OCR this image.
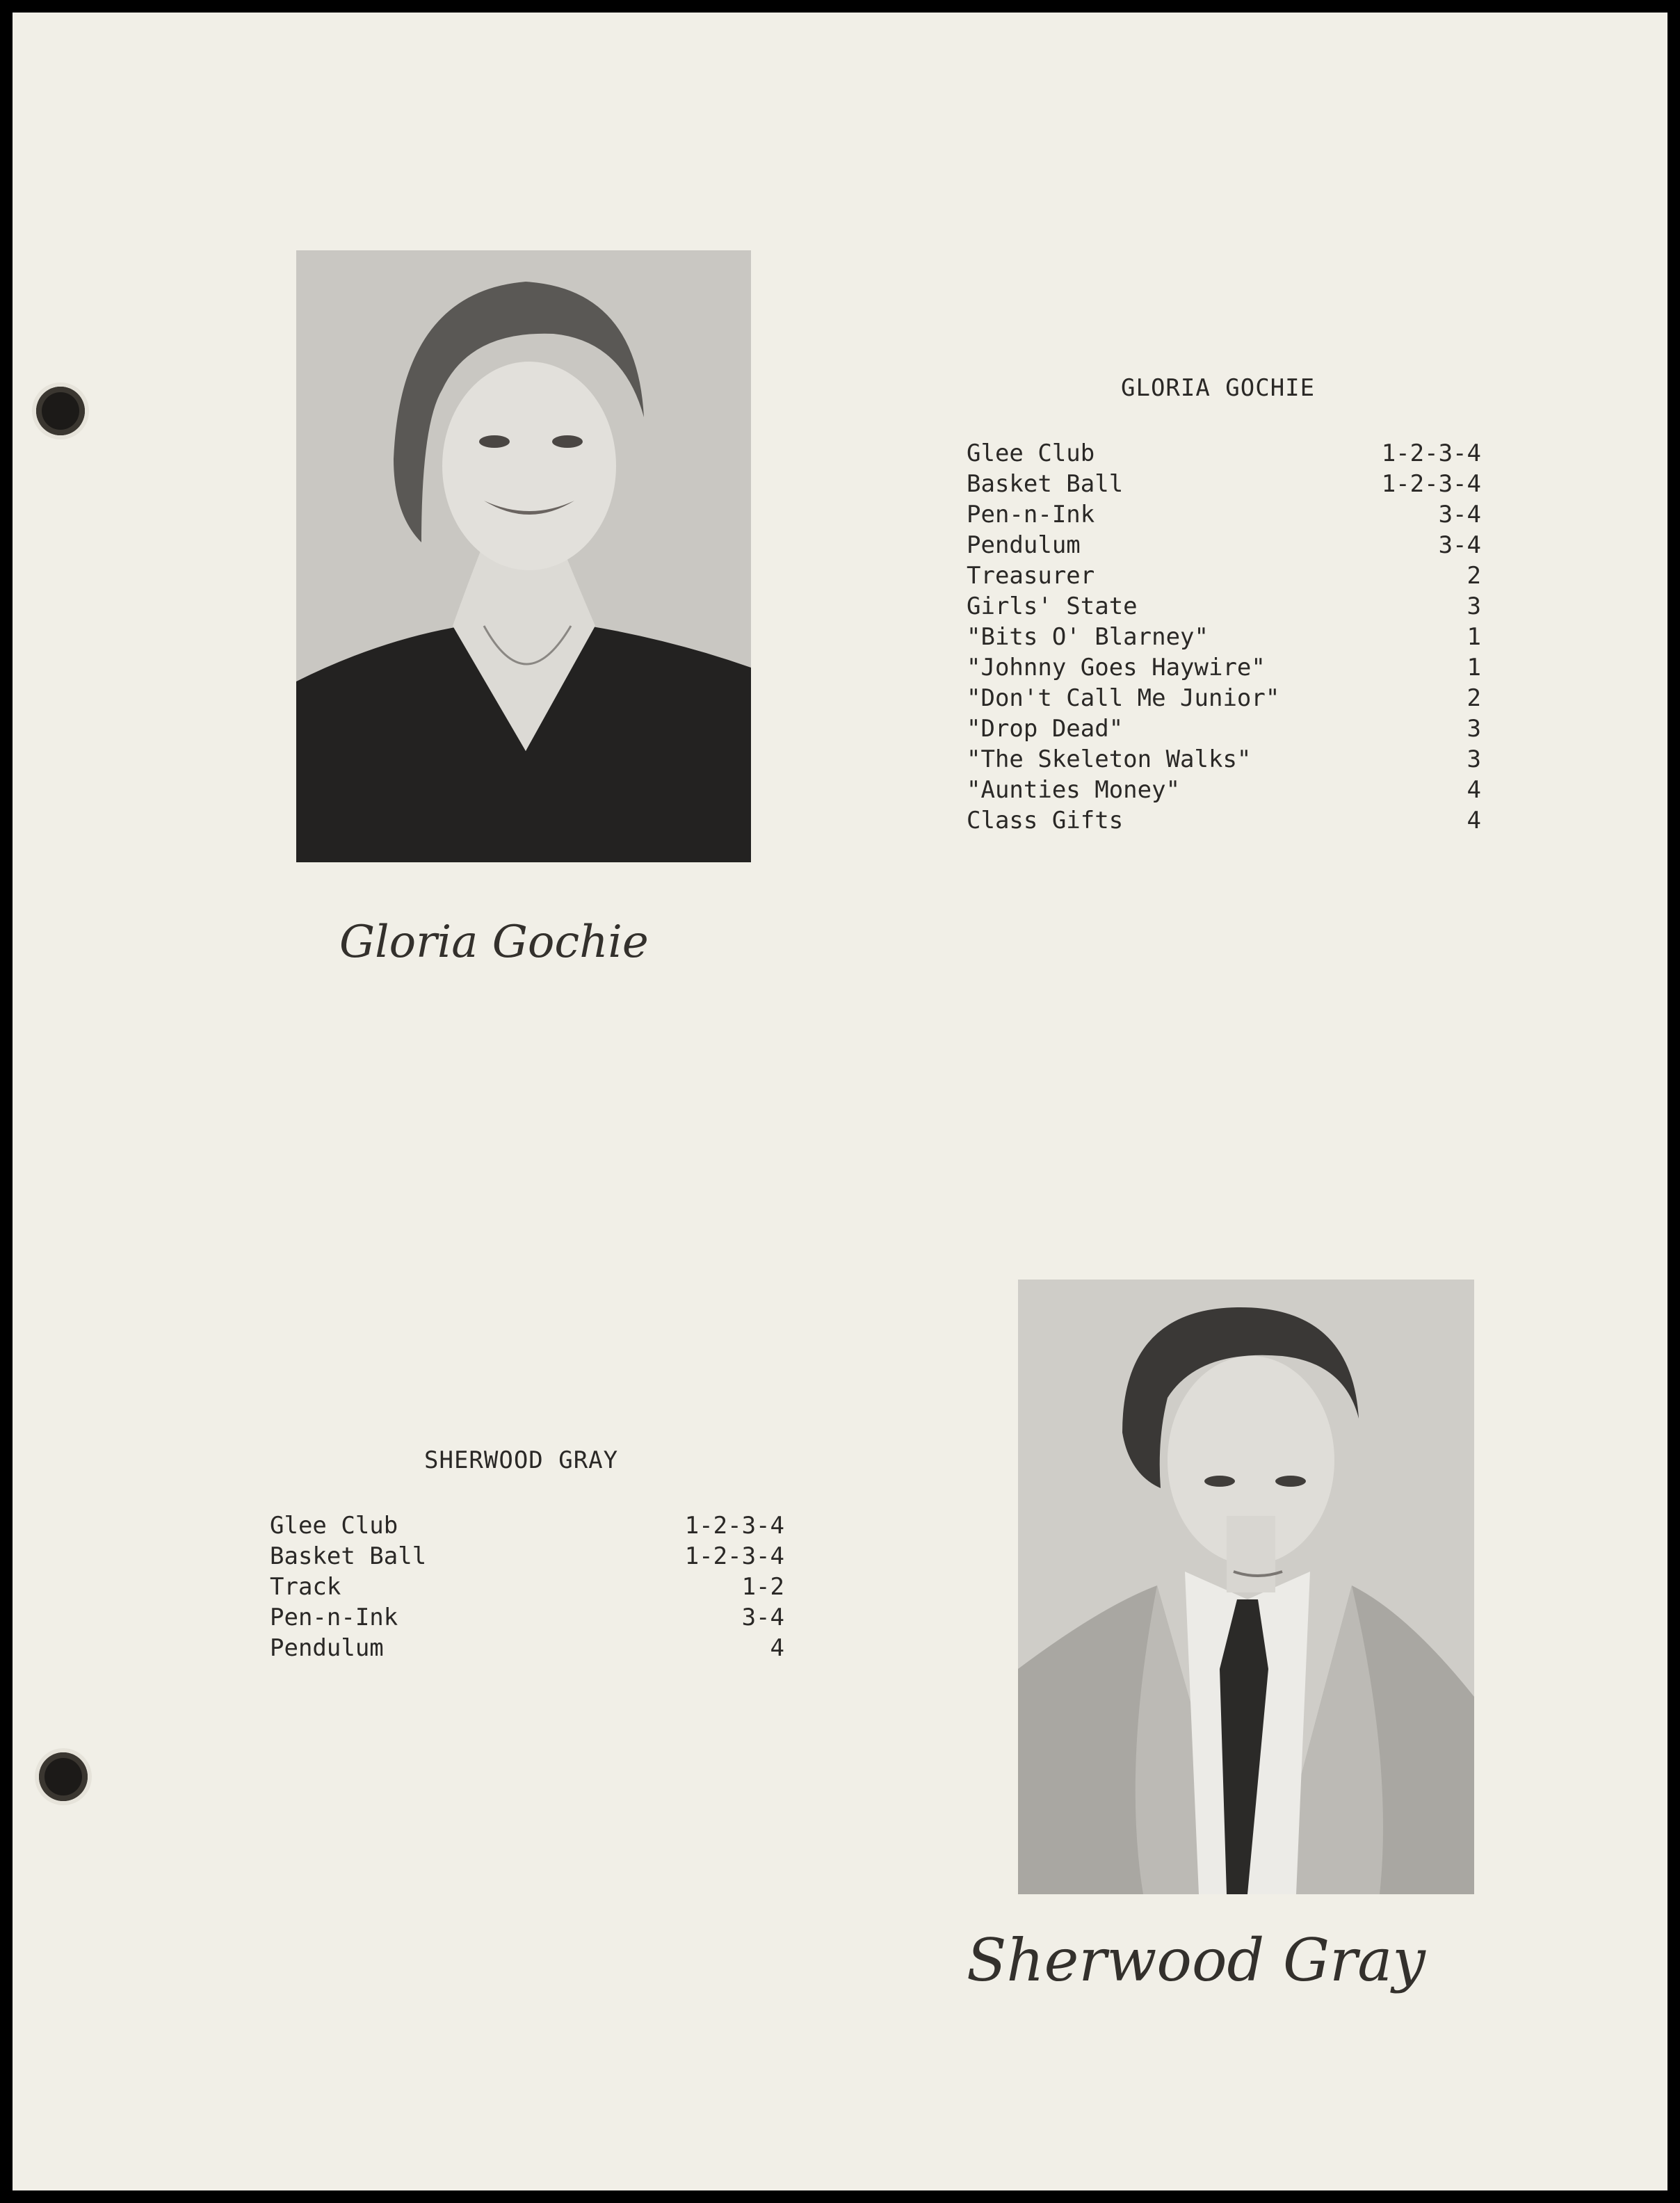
Gloria Gochie
GLORIA GOCHIE
Glee Club	1-2-3-4
Basket Ball	1-2-3-4
Pen-n-Ink	3-4
Pendulum	3-4
Treasurer	2
Girls' State	3
"Bits O' Blarney"	1
"Johnny Goes Haywire"	1
"Don't Call Me Junior"	2
"Drop Dead"	3
"The Skeleton Walks"	3
"Aunties Money"	4
Class Gifts	4
SHERWOOD GRAY
Glee Club	1-2-3-4
Basket Ball	1-2-3-4
Track	1-2
Pen-n-Ink	3-4
Pendulum	4
Sherwood Gray
